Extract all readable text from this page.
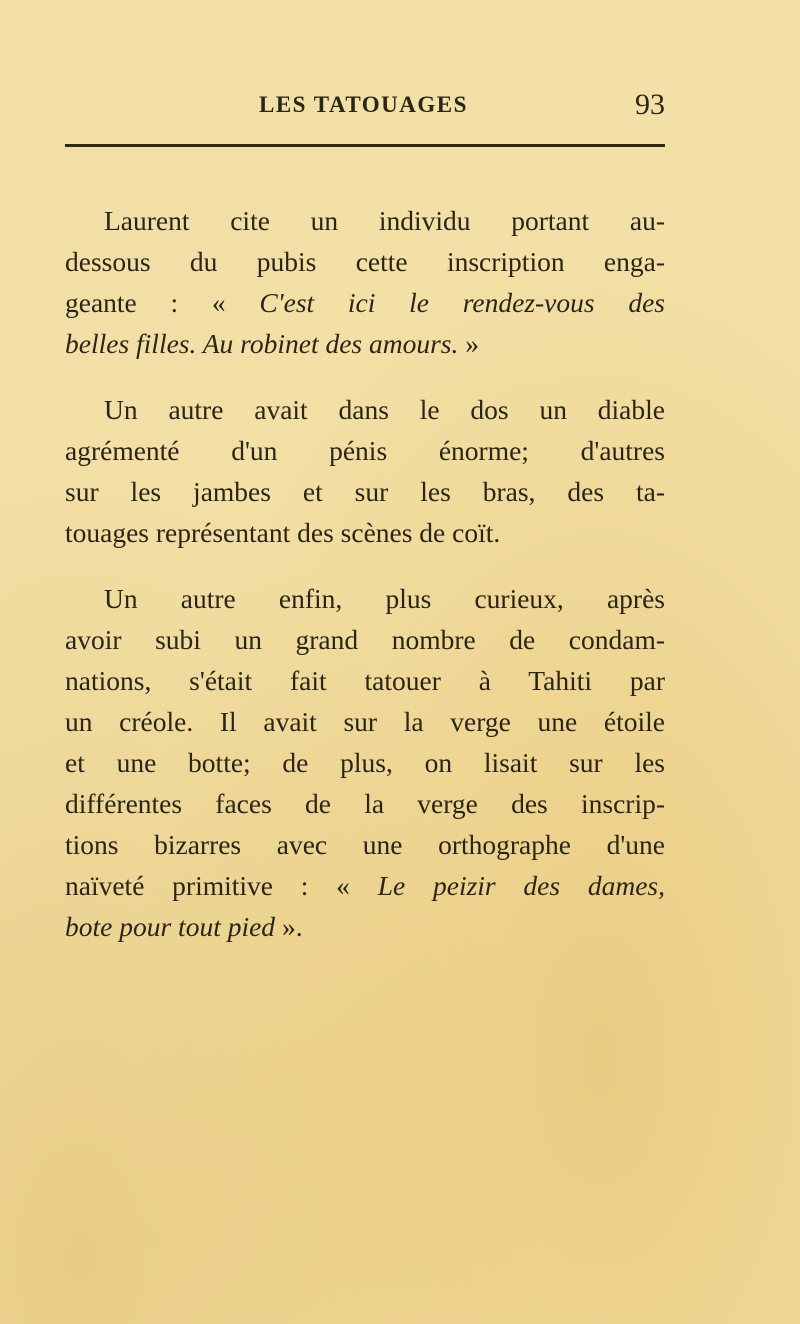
LES TATOUAGES	93

Laurent cite un individu portant au-
dessous du pubis cette inscription enga-
geante : « C'est ici le rendez-vous des
belles filles. Au robinet des amours. »

Un autre avait dans le dos un diable
agrémenté d'un pénis énorme; d'autres
sur les jambes et sur les bras, des ta-
touages représentant des scènes de coït.

Un autre enfin, plus curieux, après
avoir subi un grand nombre de condam-
nations, s'était fait tatouer à Tahiti par
un créole. Il avait sur la verge une étoile
et une botte; de plus, on lisait sur les
différentes faces de la verge des inscrip-
tions bizarres avec une orthographe d'une
naïveté primitive : « Le peizir des dames,
bote pour tout pied ».
